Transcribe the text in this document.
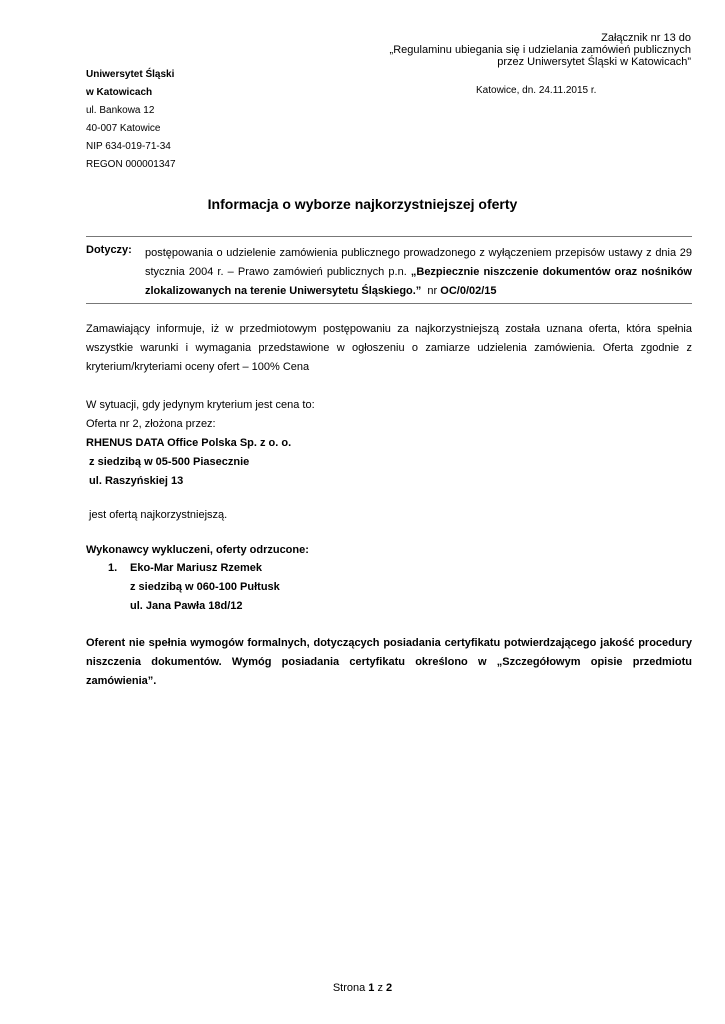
Załącznik nr 13 do
„Regulaminu ubiegania się i udzielania zamówień publicznych
przez Uniwersytet Śląski w Katowicach”
Uniwersytet Śląski
w Katowicach
ul. Bankowa 12
40-007 Katowice
NIP 634-019-71-34
REGON 000001347
Katowice, dn. 24.11.2015 r.
Informacja o wyborze najkorzystniejszej oferty
Dotyczy: postępowania o udzielenie zamówienia publicznego prowadzonego z wyłączeniem przepisów ustawy z dnia 29 stycznia 2004 r. – Prawo zamówień publicznych p.n. „Bezpiecznie niszczenie dokumentów oraz nośników zlokalizowanych na terenie Uniwersytetu Śląskiego.”  nr OC/0/02/15
Zamawiający informuje, iż w przedmiotowym postępowaniu za najkorzystniejszą została uznana oferta, która spełnia wszystkie warunki i wymagania przedstawione w ogłoszeniu o zamiarze udzielenia zamówienia. Oferta zgodnie z kryterium/kryteriami oceny ofert – 100% Cena
W sytuacji, gdy jedynym kryterium jest cena to:
Oferta nr 2, złożona przez:
RHENUS DATA Office Polska Sp. z o. o.
z siedzibą w 05-500 Piasecznie
ul. Raszyńskiej 13
jest ofertą najkorzystniejszą.
Wykonawcy wykluczeni, oferty odrzucone:
1. Eko-Mar Mariusz Rzemek
z siedzibą w 060-100 Pułtusk
ul. Jana Pawła 18d/12
Oferent nie spełnia wymogów formalnych, dotyczących posiadania certyfikatu potwierdzającego jakość procedury niszczenia dokumentów. Wymóg posiadania certyfikatu określono w „Szczegółowym opisie przedmiotu zamówienia”.
Strona 1 z 2
